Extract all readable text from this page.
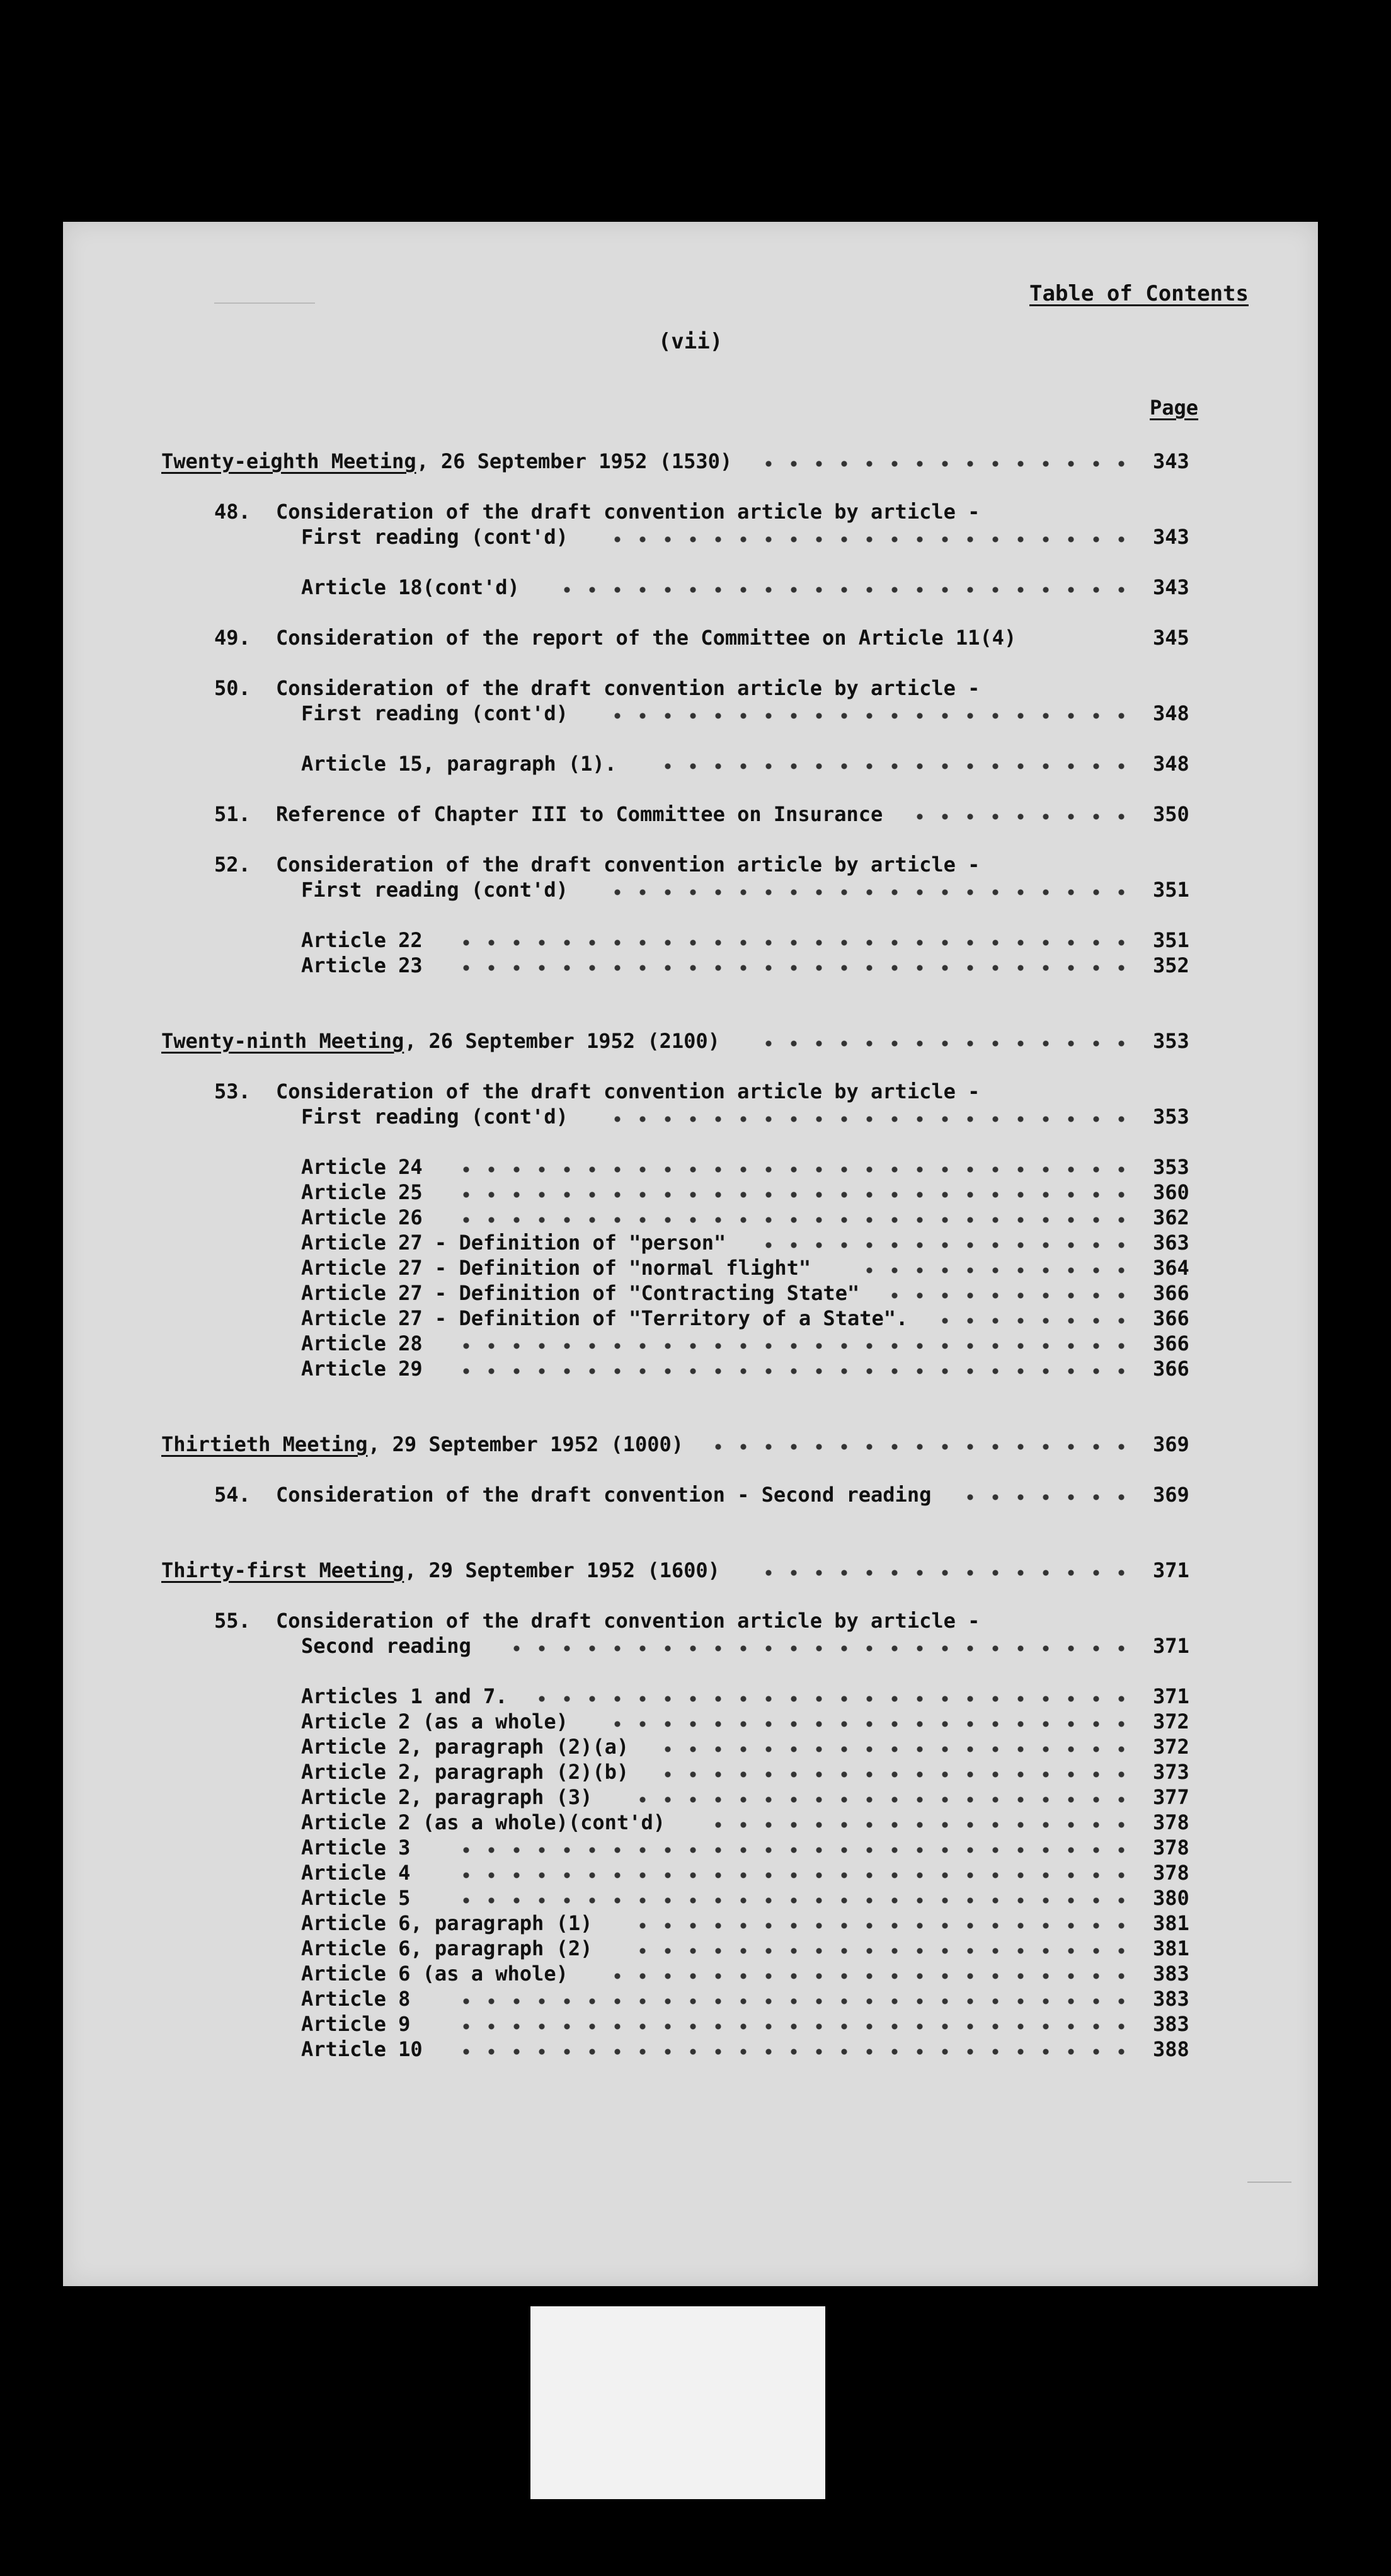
Table of Contents
(vii)
Page
Twenty-eighth Meeting , 26 September 1952 (1530)	343
48.	Consideration of the draft convention article by article -
First reading (cont'd)	343
Article 18(cont'd)	343
49.	Consideration of the report of the Committee on Article 11(4)	345
50.	Consideration of the draft convention article by article -
First reading (cont'd)	348
Article 15, paragraph (1).	348
51.	Reference of Chapter III to Committee on Insurance	350
52.	Consideration of the draft convention article by article -
First reading (cont'd)	351
Article 22	351
Article 23	352
Twenty-ninth Meeting , 26 September 1952 (2100)	353
53.	Consideration of the draft convention article by article -
First reading (cont'd)	353
Article 24	353
Article 25	360
Article 26	362
Article 27 - Definition of "person"	363
Article 27 - Definition of "normal flight"	364
Article 27 - Definition of "Contracting State"	366
Article 27 - Definition of "Territory of a State".	366
Article 28	366
Article 29	366
Thirtieth Meeting , 29 September 1952 (1000)	369
54.	Consideration of the draft convention - Second reading	369
Thirty-first Meeting , 29 September 1952 (1600)	371
55.	Consideration of the draft convention article by article -
Second reading	371
Articles 1 and 7.	371
Article 2 (as a whole)	372
Article 2, paragraph (2)(a)	372
Article 2, paragraph (2)(b)	373
Article 2, paragraph (3)	377
Article 2 (as a whole)(cont'd)	378
Article 3	378
Article 4	378
Article 5	380
Article 6, paragraph (1)	381
Article 6, paragraph (2)	381
Article 6 (as a whole)	383
Article 8	383
Article 9	383
Article 10	388
